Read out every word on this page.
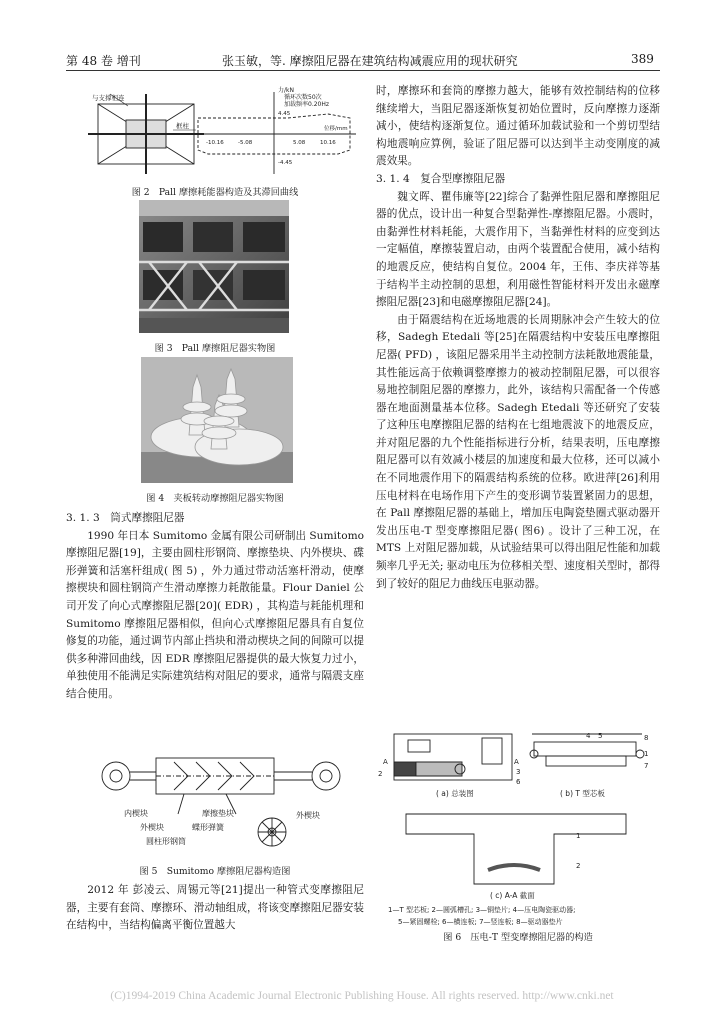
第 48 卷 增刊	张玉敏，等. 摩擦阻尼器在建筑结构减震应用的现状研究	389
与支撑相连
框柱
力/kN
循环次数50次
加载频率0.20Hz
4.45
-4.45
-10.16	-5.08	5.08	10.16
位移/mm
图 2　Pall 摩擦耗能器构造及其滞回曲线
图 3　Pall 摩擦阻尼器实物图
图 4　夹板转动摩擦阻尼器实物图
3. 1. 3　筒式摩擦阻尼器

1990 年日本 Sumitomo 金属有限公司研制出 Sumitomo 摩擦阻尼器[19]，主要由圆柱形钢筒、摩擦垫块、内外楔块、碟形弹簧和活塞杆组成( 图 5) ，外力通过带动活塞杆滑动，使摩擦楔块和圆柱钢筒产生滑动摩擦力耗散能量。Flour Daniel 公司开发了向心式摩擦阻尼器[20]( EDR) ，其构造与耗能机理和 Sumitomo 摩擦阻尼器相似，但向心式摩擦阻尼器具有自复位修复的功能，通过调节内部止挡块和滑动楔块之间的间隙可以提供多种滞回曲线，因 EDR 摩擦阻尼器提供的最大恢复力过小，单独使用不能满足实际建筑结构对阻尼的要求，通常与隔震支座结合使用。

内楔块	摩擦垫块
外楔块	蝶形弹簧
外楔块
圆柱形钢筒
图 5　Sumitomo 摩擦阻尼器构造图

2012 年 彭凌云、周锡元等[21]提出一种管式变摩擦阻尼器，主要有套筒、摩擦环、滑动轴组成，将该变摩擦阻尼器安装在结构中，当结构偏离平衡位置越大

时，摩擦环和套筒的摩擦力越大，能够有效控制结构的位移继续增大，当阻尼器逐渐恢复初始位置时，反向摩擦力逐渐减小，使结构逐渐复位。通过循环加载试验和一个剪切型结构地震响应算例，验证了阻尼器可以达到半主动变刚度的减震效果。

3. 1. 4　复合型摩擦阻尼器

魏文晖、瞿伟廉等[22]综合了黏弹性阻尼器和摩擦阻尼器的优点，设计出一种复合型黏弹性-摩擦阻尼器。小震时，由黏弹性材料耗能，大震作用下，当黏弹性材料的应变到达一定幅值，摩擦装置启动，由两个装置配合使用，减小结构的地震反应，使结构自复位。2004 年，王伟、李庆祥等基于结构半主动控制的思想，利用磁性智能材料开发出永磁摩擦阻尼器[23]和电磁摩擦阻尼器[24]。

由于隔震结构在近场地震的长周期脉冲会产生较大的位移，Sadegh Etedali 等[25]在隔震结构中安装压电摩擦阻尼器( PFD) ，该阻尼器采用半主动控制方法耗散地震能量，其性能远高于依赖调整摩擦力的被动控制阻尼器，可以很容易地控制阻尼器的摩擦力，此外，该结构只需配备一个传感器在地面测量基本位移。Sadegh Etedali 等还研究了安装了这种压电摩擦阻尼器的结构在七组地震波下的地震反应，并对阻尼器的九个性能指标进行分析，结果表明，压电摩擦阻尼器可以有效减小楼层的加速度和最大位移，还可以减小在不同地震作用下的隔震结构系统的位移。欧进萍[26]利用压电材料在电场作用下产生的变形调节装置紧固力的思想，在 Pall 摩擦阻尼器的基础上，增加压电陶瓷垫圈式驱动器开发出压电-T 型变摩擦阻尼器( 图6) 。设计了三种工况，在 MTS 上对阻尼器加载，从试验结果可以得出阻尼性能和加载频率几乎无关; 驱动电压为位移相关型、速度相关型时，都得到了较好的阻尼力曲线压电驱动器。

2
A	A
3
4 5
6
1
7
8
( a) 总装图	( b) T 型芯板
1
2
( c) A-A 截面
1—T 型芯板; 2—圆弧槽孔; 3—铜垫片; 4—压电陶瓷驱动器;
5—紧固螺栓; 6—横连板; 7—竖连板; 8—驱动器垫片
图 6　压电-T 型变摩擦阻尼器的构造
(C)1994-2019 China Academic Journal Electronic Publishing House. All rights reserved. http://www.cnki.net
